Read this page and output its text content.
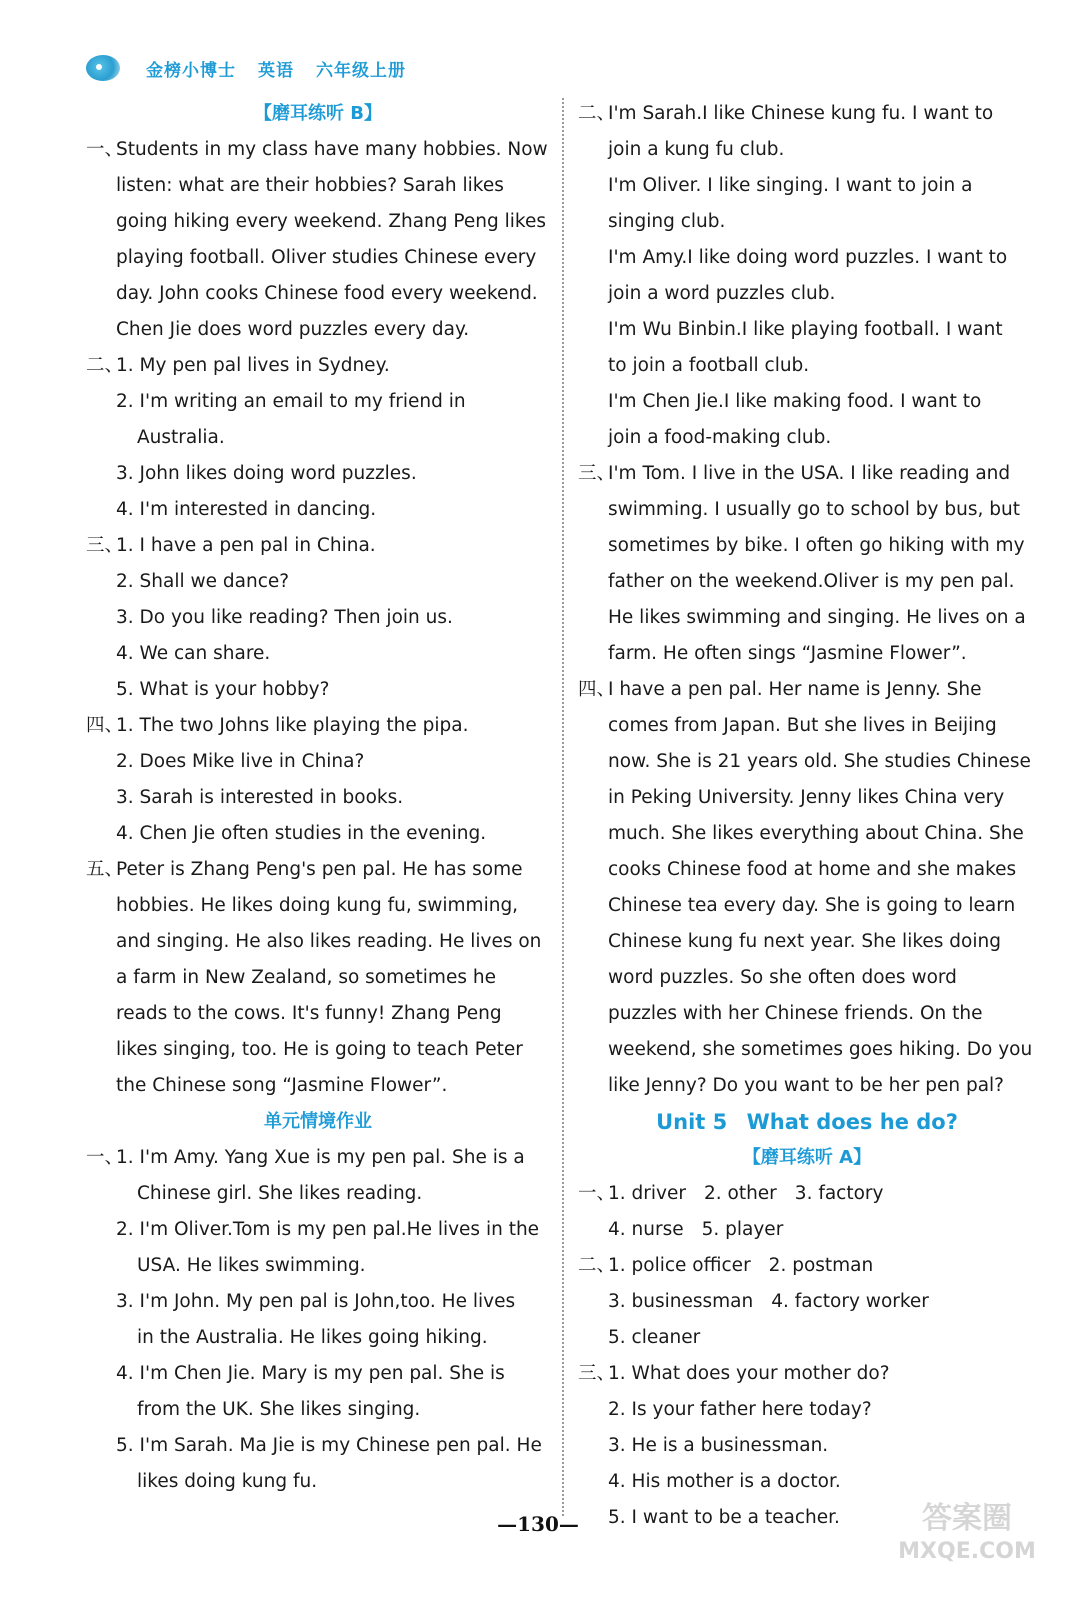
金榜小博士 英语 六年级上册
【磨耳练听 B】
一、
Students in my class have many hobbies. Now
listen: what are their hobbies? Sarah likes
going hiking every weekend. Zhang Peng likes
playing football. Oliver studies Chinese every
day. John cooks Chinese food every weekend.
Chen Jie does word puzzles every day.
二、
1. My pen pal lives in Sydney.
2. I'm writing an email to my friend in
Australia.
3. John likes doing word puzzles.
4. I'm interested in dancing.
三、
1. I have a pen pal in China.
2. Shall we dance?
3. Do you like reading? Then join us.
4. We can share.
5. What is your hobby?
四、
1. The two Johns like playing the pipa.
2. Does Mike live in China?
3. Sarah is interested in books.
4. Chen Jie often studies in the evening.
五、
Peter is Zhang Peng's pen pal. He has some
hobbies. He likes doing kung fu, swimming,
and singing. He also likes reading. He lives on
a farm in New Zealand, so sometimes he
reads to the cows. It's funny! Zhang Peng
likes singing, too. He is going to teach Peter
the Chinese song “Jasmine Flower”.
单元情境作业
一、
1. I'm Amy. Yang Xue is my pen pal. She is a
Chinese girl. She likes reading.
2. I'm Oliver.Tom is my pen pal.He lives in the
USA. He likes swimming.
3. I'm John. My pen pal is John,too. He lives
in the Australia. He likes going hiking.
4. I'm Chen Jie. Mary is my pen pal. She is
from the UK. She likes singing.
5. I'm Sarah. Ma Jie is my Chinese pen pal. He
likes doing kung fu.
二、
I'm Sarah.I like Chinese kung fu. I want to
join a kung fu club.
I'm Oliver. I like singing. I want to join a
singing club.
I'm Amy.I like doing word puzzles. I want to
join a word puzzles club.
I'm Wu Binbin.I like playing football. I want
to join a football club.
I'm Chen Jie.I like making food. I want to
join a food-making club.
三、
I'm Tom. I live in the USA. I like reading and
swimming. I usually go to school by bus, but
sometimes by bike. I often go hiking with my
father on the weekend.Oliver is my pen pal.
He likes swimming and singing. He lives on a
farm. He often sings “Jasmine Flower”.
四、
I have a pen pal. Her name is Jenny. She
comes from Japan. But she lives in Beijing
now. She is 21 years old. She studies Chinese
in Peking University. Jenny likes China very
much. She likes everything about China. She
cooks Chinese food at home and she makes
Chinese tea every day. She is going to learn
Chinese kung fu next year. She likes doing
word puzzles. So she often does word
puzzles with her Chinese friends. On the
weekend, she sometimes goes hiking. Do you
like Jenny? Do you want to be her pen pal?
Unit 5 What does he do?
【磨耳练听 A】
一、
1. driver 2. other 3. factory
4. nurse 5. player
二、
1. police officer 2. postman
3. businessman 4. factory worker
5. cleaner
三、
1. What does your mother do?
2. Is your father here today?
3. He is a businessman.
4. His mother is a doctor.
5. I want to be a teacher.
—130—	答案圈
MXQE.COM
